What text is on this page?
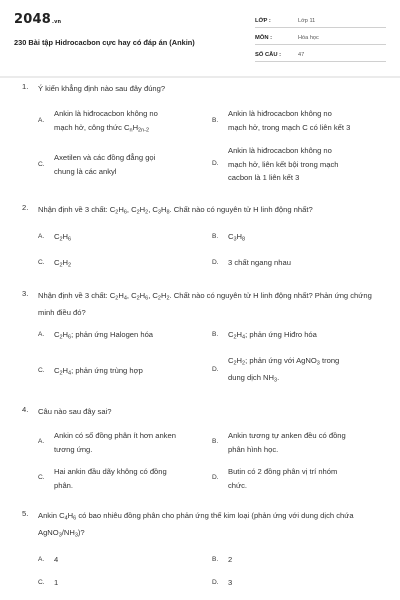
2048.vn
230 Bài tập Hidrocacbon cực hay có đáp án (Ankin)
LỚP :	Lớp 11
MÔN :	Hóa học
SỐ CÂU :	47
1. Ý kiến khẳng định nào sau đây đúng?
A.
Ankin là hiđrocacbon không no
mạch hở, công thức $C_nH_{2n-2}$
B.
Ankin là hiđrocacbon không no
mạch hở, trong mạch C có liên kết 3
C.
Axetilen và các đồng đẳng gọi
chung là các ankyl
D.
Ankin là hiđrocacbon không no
mạch hở, liên kết bội trong mạch
cacbon là 1 liên kết 3
2. Nhận định về 3 chất: $C_2H_6$, $C_2H_2$, $C_3H_8$. Chất nào có nguyên tử H linh động nhất?
A. $C_2H_6$	B. $C_3H_8$
C. $C_2H_2$	D. 3 chất ngang nhau
3. Nhận định về 3 chất: $C_2H_4$, $C_2H_6$, $C_2H_2$. Chất nào có nguyên tử H linh động nhất? Phản ứng chứng minh điều đó?
A. $C_2H_6$; phản ứng Halogen hóa	B. $C_2H_4$; phản ứng Hiđro hóa
C. $C_2H_4$; phản ứng trùng hợp	D.
$C_2H_2$; phản ứng với AgNO$_3$ trong
dung dịch $NH_3$.
4. Câu nào sau đây sai?
A.
Ankin có số đồng phân ít hơn anken
tương ứng.
B.
Ankin tương tự anken đều có đồng
phân hình học.
C.
Hai ankin đầu dãy không có đồng
phân.
D.
Butin có 2 đồng phân vị trí nhóm
chức.
5. Ankin $C_4H_6$ có bao nhiêu đồng phân cho phản ứng thế kim loại (phản ứng với dung dịch chứa $AgNO_3/NH_3$)?
A. 4	B. 2
C. 1	D. 3
